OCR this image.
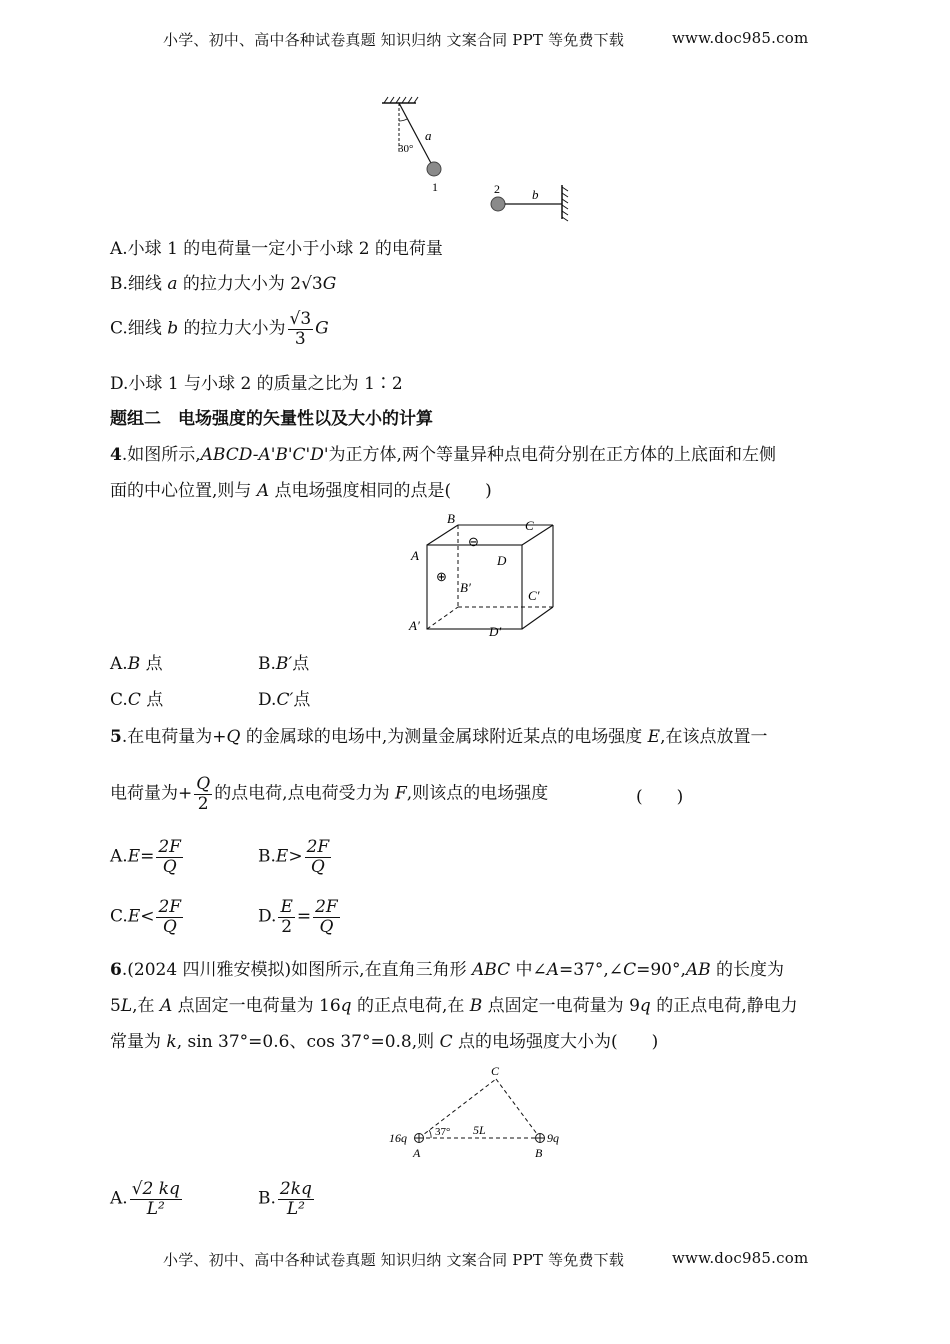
小学、初中、高中各种试卷真题 知识归纳 文案合同 PPT 等免费下载	www.doc985.com
a
30°
1	2 b
A.小球 1 的电荷量一定小于小球 2 的电荷量
B.细线 a 的拉力大小为 2√3G
C.细线 b 的拉力大小为 $\frac{√3}{3}$ G
D.小球 1 与小球 2 的质量之比为 1∶2
题组二　电场强度的矢量性以及大小的计算
4.如图所示,ABCD-A'B'C'D'为正方体,两个等量异种点电荷分别在正方体的上底面和左侧
面的中心位置,则与 A 点电场强度相同的点是(　　)
B	C
A	D
B′
C′
A′	D′
⊖
⊕
A.B 点	B.B′点
C.C 点	D.C′点
5.在电荷量为+Q 的金属球的电场中,为测量金属球附近某点的电场强度 E,在该点放置一
电荷量为+ $\frac{Q}{2}$ 的点电荷,点电荷受力为 F,则该点的电场强度	(　　)
$A.E= \frac{2F}{Q}$	$B.E> \frac{2F}{Q}$
$C.E< \frac{2F}{Q}$	D. $\frac{E}{2} = \frac{2F}{Q}$
6.(2024 四川雅安模拟)如图所示,在直角三角形 ABC 中∠A=37°,∠C=90°,AB 的长度为
5L,在 A 点固定一电荷量为 16q 的正点电荷,在 B 点固定一电荷量为 9q 的正点电荷,静电力
常量为 k, sin 37°=0.6、cos 37°=0.8,则 C 点的电场强度大小为(　　)
C
A	B
16q	9q
5L
37°
A. $\frac{√2 kq}{\text{L²}}$	B. $\frac{2kq}{\text{L²}}$
小学、初中、高中各种试卷真题 知识归纳 文案合同 PPT 等免费下载	www.doc985.com
